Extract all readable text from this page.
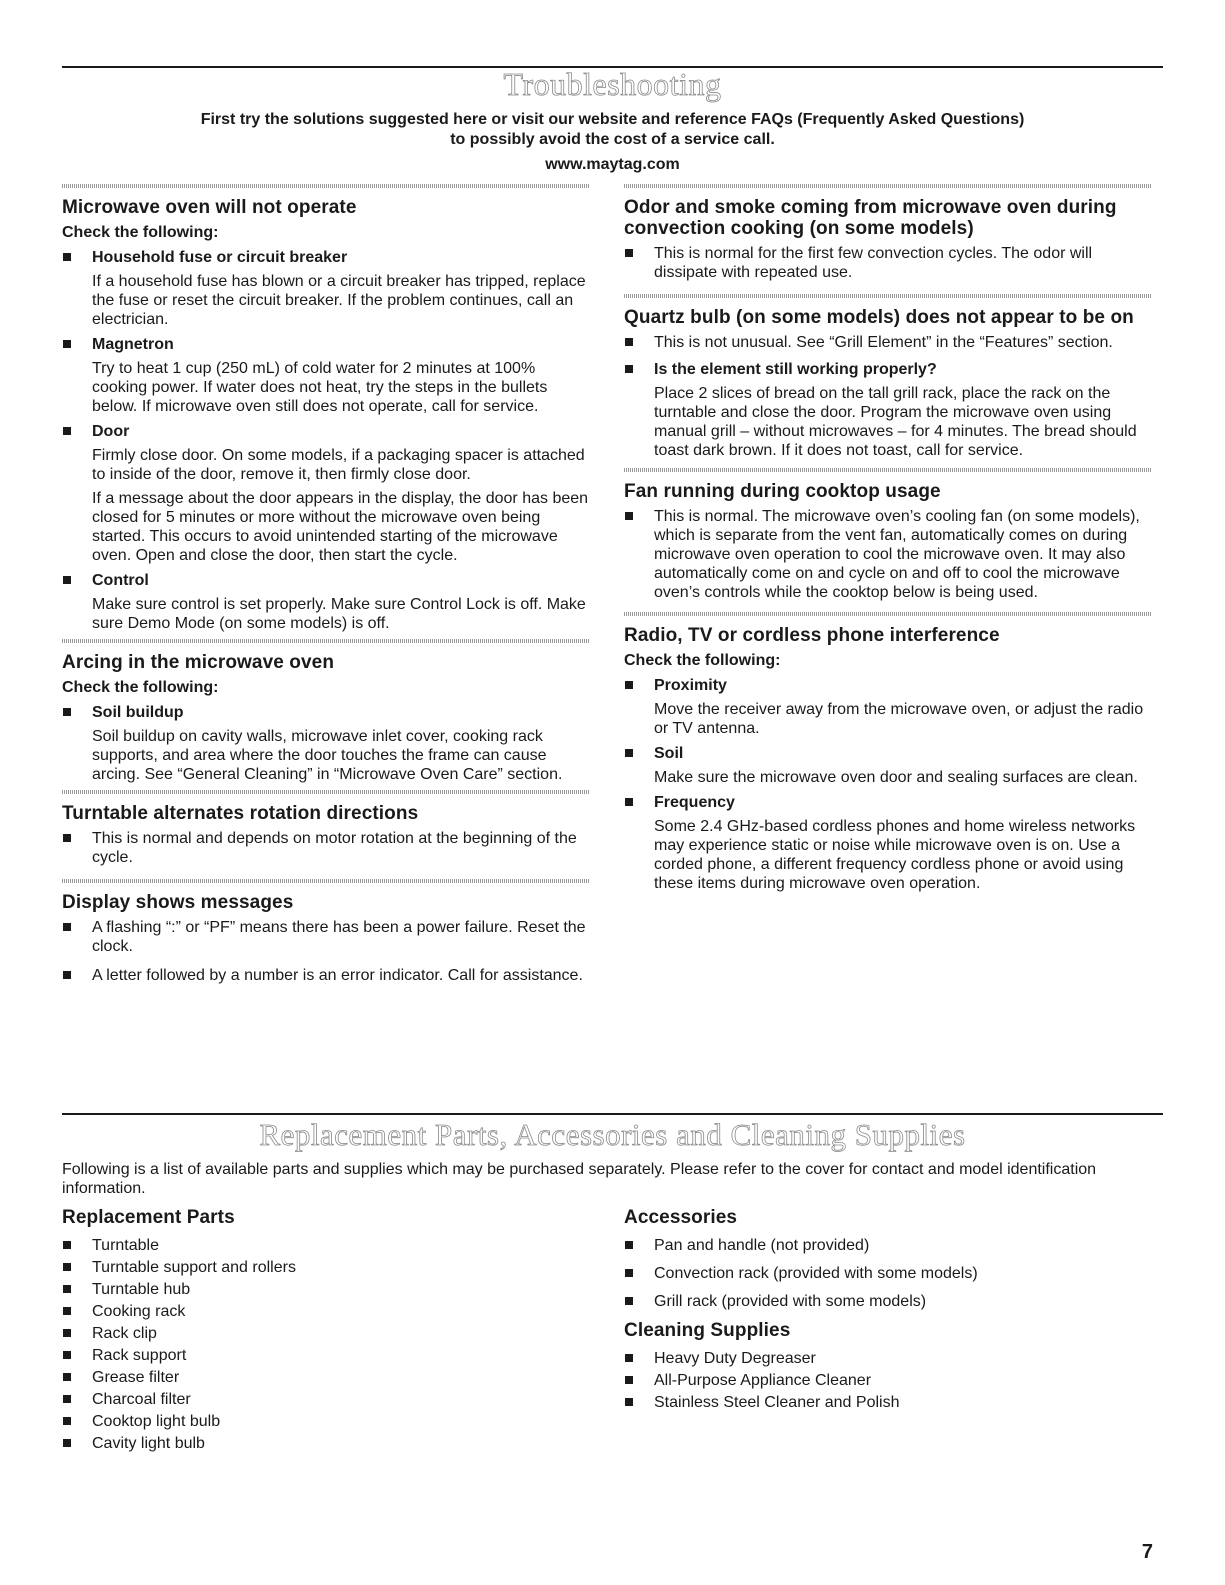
Troubleshooting
First try the solutions suggested here or visit our website and reference FAQs (Frequently Asked Questions)
to possibly avoid the cost of a service call.
www.maytag.com
Microwave oven will not operate
Check the following:
Household fuse or circuit breaker

If a household fuse has blown or a circuit breaker has tripped, replace the fuse or reset the circuit breaker. If the problem continues, call an electrician.

Magnetron

Try to heat 1 cup (250 mL) of cold water for 2 minutes at 100% cooking power. If water does not heat, try the steps in the bullets below. If microwave oven still does not operate, call for service.

Door

Firmly close door. On some models, if a packaging spacer is attached to inside of the door, remove it, then firmly close door.

If a message about the door appears in the display, the door has been closed for 5 minutes or more without the microwave oven being started. This occurs to avoid unintended starting of the microwave oven. Open and close the door, then start the cycle.

Control

Make sure control is set properly. Make sure Control Lock is off. Make sure Demo Mode (on some models) is off.

Arcing in the microwave oven
Check the following:
Soil buildup

Soil buildup on cavity walls, microwave inlet cover, cooking rack supports, and area where the door touches the frame can cause arcing. See “General Cleaning” in “Microwave Oven Care” section.

Turntable alternates rotation directions
This is normal and depends on motor rotation at the beginning of the cycle.
Display shows messages
A flashing “:” or “PF” means there has been a power failure. Reset the clock.
A letter followed by a number is an error indicator. Call for assistance.
Odor and smoke coming from microwave oven during convection cooking (on some models)
This is normal for the first few convection cycles. The odor will dissipate with repeated use.
Quartz bulb (on some models) does not appear to be on
This is not unusual. See “Grill Element” in the “Features” section.
Is the element still working properly?

Place 2 slices of bread on the tall grill rack, place the rack on the turntable and close the door. Program the microwave oven using manual grill – without microwaves – for 4 minutes. The bread should toast dark brown. If it does not toast, call for service.

Fan running during cooktop usage
This is normal. The microwave oven’s cooling fan (on some models), which is separate from the vent fan, automatically comes on during microwave oven operation to cool the microwave oven. It may also automatically come on and cycle on and off to cool the microwave oven’s controls while the cooktop below is being used.
Radio, TV or cordless phone interference
Check the following:
Proximity

Move the receiver away from the microwave oven, or adjust the radio or TV antenna.

Soil

Make sure the microwave oven door and sealing surfaces are clean.

Frequency

Some 2.4 GHz-based cordless phones and home wireless networks may experience static or noise while microwave oven is on. Use a corded phone, a different frequency cordless phone or avoid using these items during microwave oven operation.

Replacement Parts, Accessories and Cleaning Supplies
Following is a list of available parts and supplies which may be purchased separately. Please refer to the cover for contact and model identification information.
Replacement Parts
Turntable
Turntable support and rollers
Turntable hub
Cooking rack
Rack clip
Rack support
Grease filter
Charcoal filter
Cooktop light bulb
Cavity light bulb
Accessories
Pan and handle (not provided)
Convection rack (provided with some models)
Grill rack (provided with some models)
Cleaning Supplies
Heavy Duty Degreaser
All-Purpose Appliance Cleaner
Stainless Steel Cleaner and Polish
7
